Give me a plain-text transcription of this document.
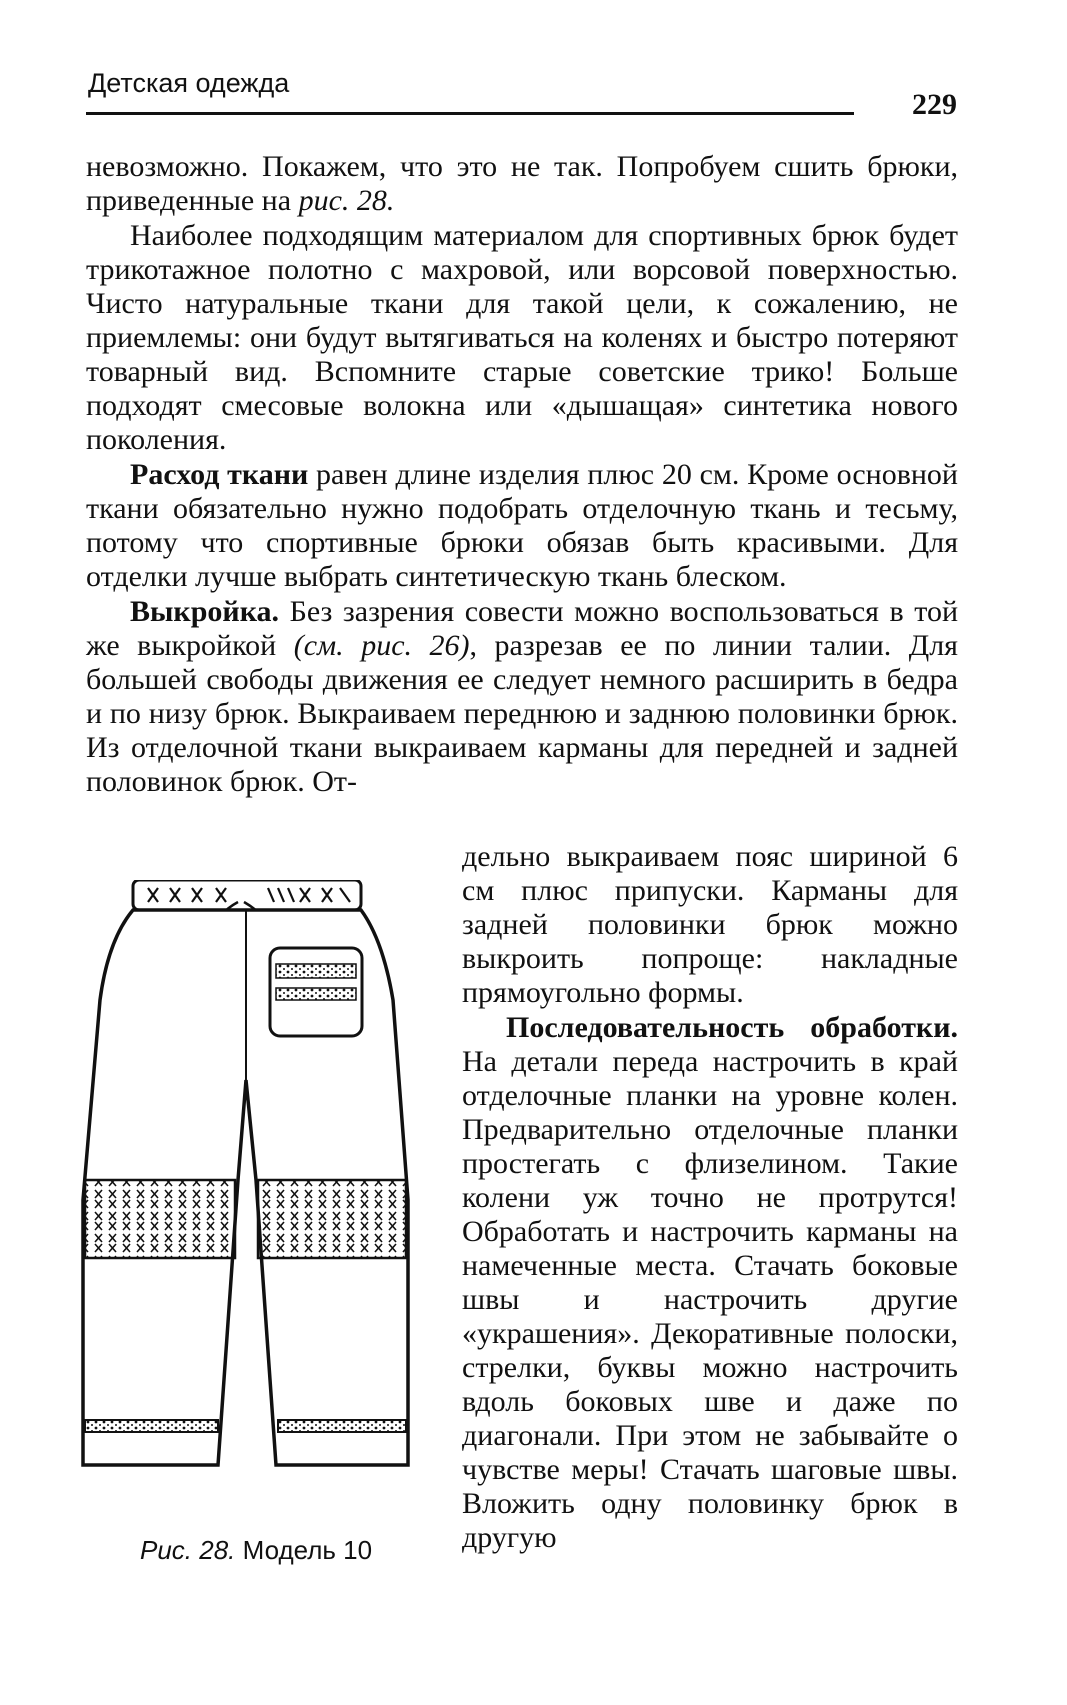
Детская одежда
229

невозможно. Покажем, что это не так. Попробуем сшить брюки, приведенные на рис. 28.

Наиболее подходящим материалом для спортивных брюк будет трикотажное полотно с махровой, или ворсовой поверхностью. Чисто натуральные ткани для такой цели, к сожалению, не приемлемы: они будут вытягиваться на коленях и быстро потеряют товарный вид. Вспомните старые советские трико! Больше подходят смесовые волокна или «дышащая» синтетика нового поколения.

Расход ткани равен длине изделия плюс 20 см. Кроме основной ткани обязательно нужно подобрать отделочную ткань и тесьму, потому что спортивные брюки обязав быть красивыми. Для отделки лучше выбрать синтетическую ткань блеском.

Выкройка. Без зазрения совести можно воспользоваться в той же выкройкой (см. рис. 26), разрезав ее по линии талии. Для большей свободы движения ее следует немного расширить в бедра и по низу брюк. Выкраиваем переднюю и заднюю половинки брюк. Из отделочной ткани выкраиваем карманы для передней и задней половинок брюк. От-

дельно выкраиваем пояс шириной 6 см плюс припуски. Карманы для задней половинки брюк можно выкроить попроще: накладные прямоугольно формы.

Последовательность обработки. На детали переда настрочить в край отделочные планки на уровне колен. Предварительно отделочные планки простегать с флизелином. Такие колени уж точно не протрутся! Обработать и настрочить карманы на намеченные места. Стачать боковые швы и настрочить другие «украшения». Декоративные полоски, стрелки, буквы можно настрочить вдоль боковых шве и даже по диагонали. При этом не забывайте о чувстве меры! Стачать шаговые швы. Вложить одну половинку брюк в другую

Рис. 28. Модель 10
